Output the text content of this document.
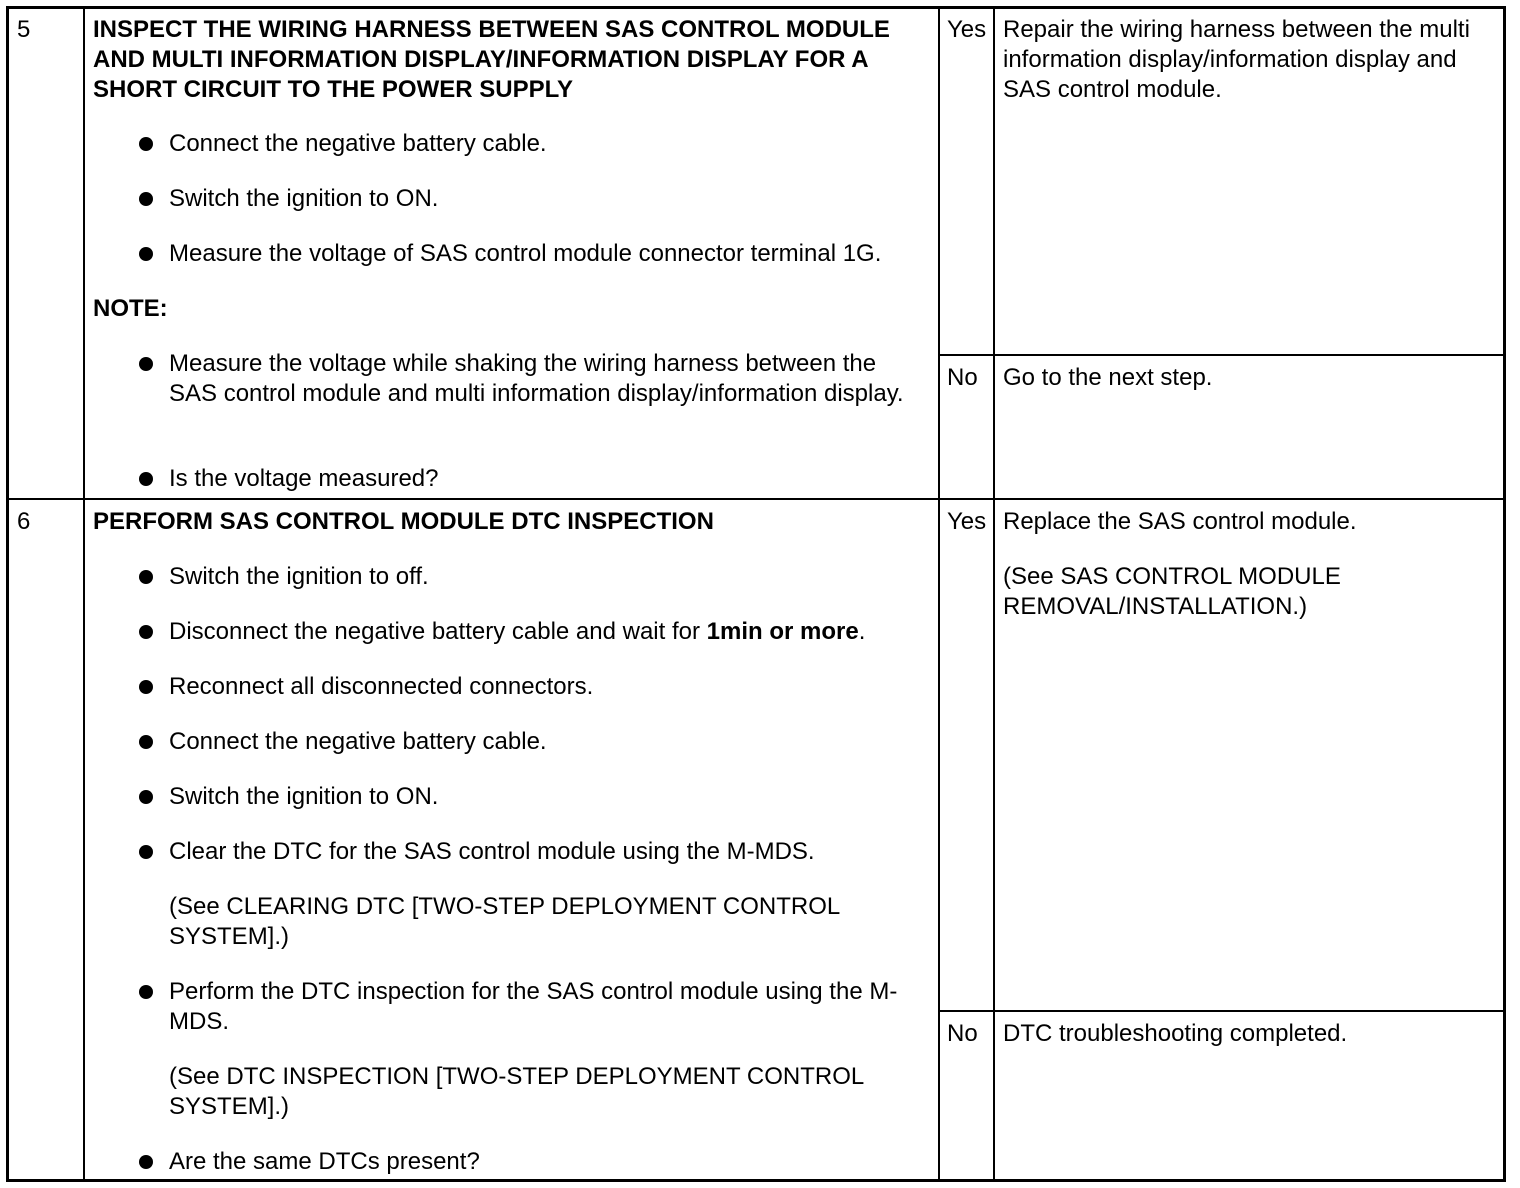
5	INSPECT THE WIRING HARNESS BETWEEN SAS CONTROL MODULE AND MULTI INFORMATION DISPLAY/INFORMATION DISPLAY FOR A SHORT CIRCUIT TO THE POWER SUPPLY
Connect the negative battery cable.
Switch the ignition to ON.
Measure the voltage of SAS control module connector terminal 1G.
NOTE:
Measure the voltage while shaking the wiring harness between the SAS control module and multi information display/information display.
Is the voltage measured?
Yes Repair the wiring harness between the multi information display/information display and SAS control module.
No Go to the next step.
6	PERFORM SAS CONTROL MODULE DTC INSPECTION
Switch the ignition to off.
Disconnect the negative battery cable and wait for 1min or more.
Reconnect all disconnected connectors.
Connect the negative battery cable.
Switch the ignition to ON.
Clear the DTC for the SAS control module using the M-MDS.
(See CLEARING DTC [TWO-STEP DEPLOYMENT CONTROL SYSTEM].)
Perform the DTC inspection for the SAS control module using the M-MDS.
(See DTC INSPECTION [TWO-STEP DEPLOYMENT CONTROL SYSTEM].)
Are the same DTCs present?
Yes Replace the SAS control module.
(See SAS CONTROL MODULE REMOVAL/INSTALLATION.)
No DTC troubleshooting completed.
